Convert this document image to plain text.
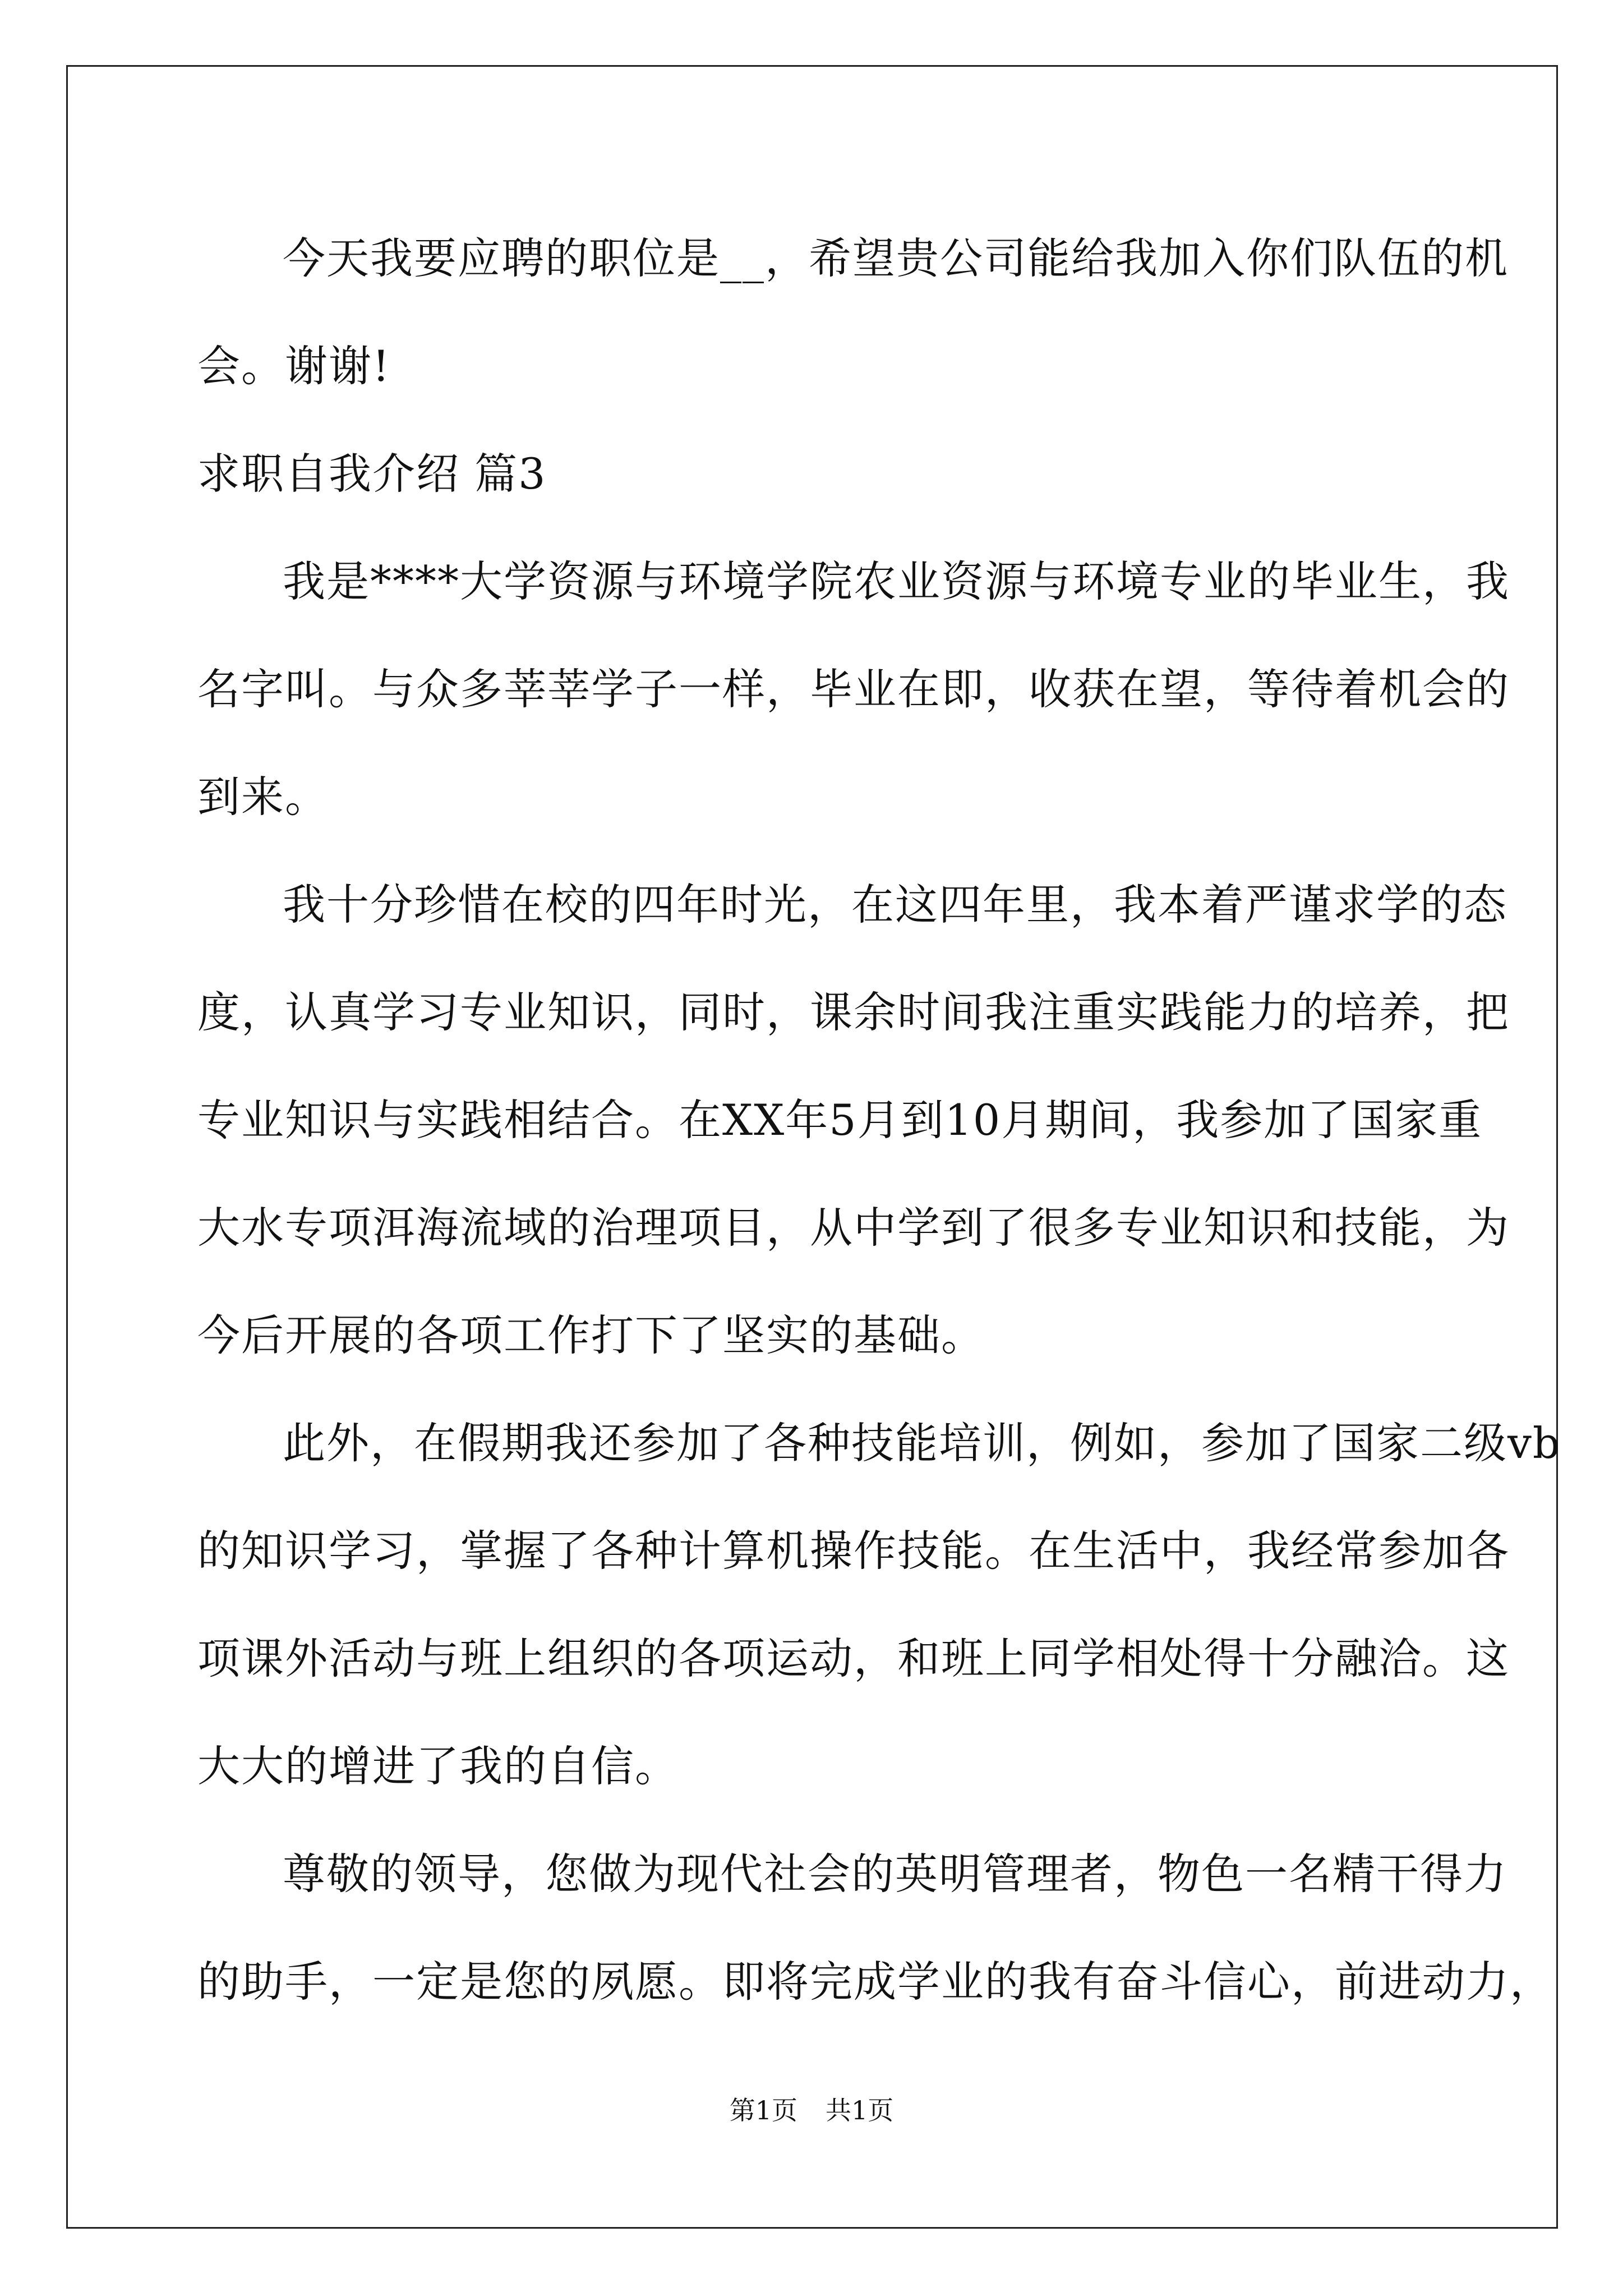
今天我要应聘的职位是__，希望贵公司能给我加入你们队伍的机
会。谢谢!
求职自我介绍 篇3
我是****大学资源与环境学院农业资源与环境专业的毕业生，我
名字叫。与众多莘莘学子一样，毕业在即，收获在望，等待着机会的
到来。
我十分珍惜在校的四年时光，在这四年里，我本着严谨求学的态
度，认真学习专业知识，同时，课余时间我注重实践能力的培养，把
专业知识与实践相结合。在XX年5月到10月期间，我参加了国家重
大水专项洱海流域的治理项目，从中学到了很多专业知识和技能，为
今后开展的各项工作打下了坚实的基础。
此外，在假期我还参加了各种技能培训，例如，参加了国家二级vb
的知识学习，掌握了各种计算机操作技能。在生活中，我经常参加各
项课外活动与班上组织的各项运动，和班上同学相处得十分融洽。这
大大的增进了我的自信。
尊敬的领导，您做为现代社会的英明管理者，物色一名精干得力
的助手，一定是您的夙愿。即将完成学业的我有奋斗信心，前进动力，
第1页 共1页
